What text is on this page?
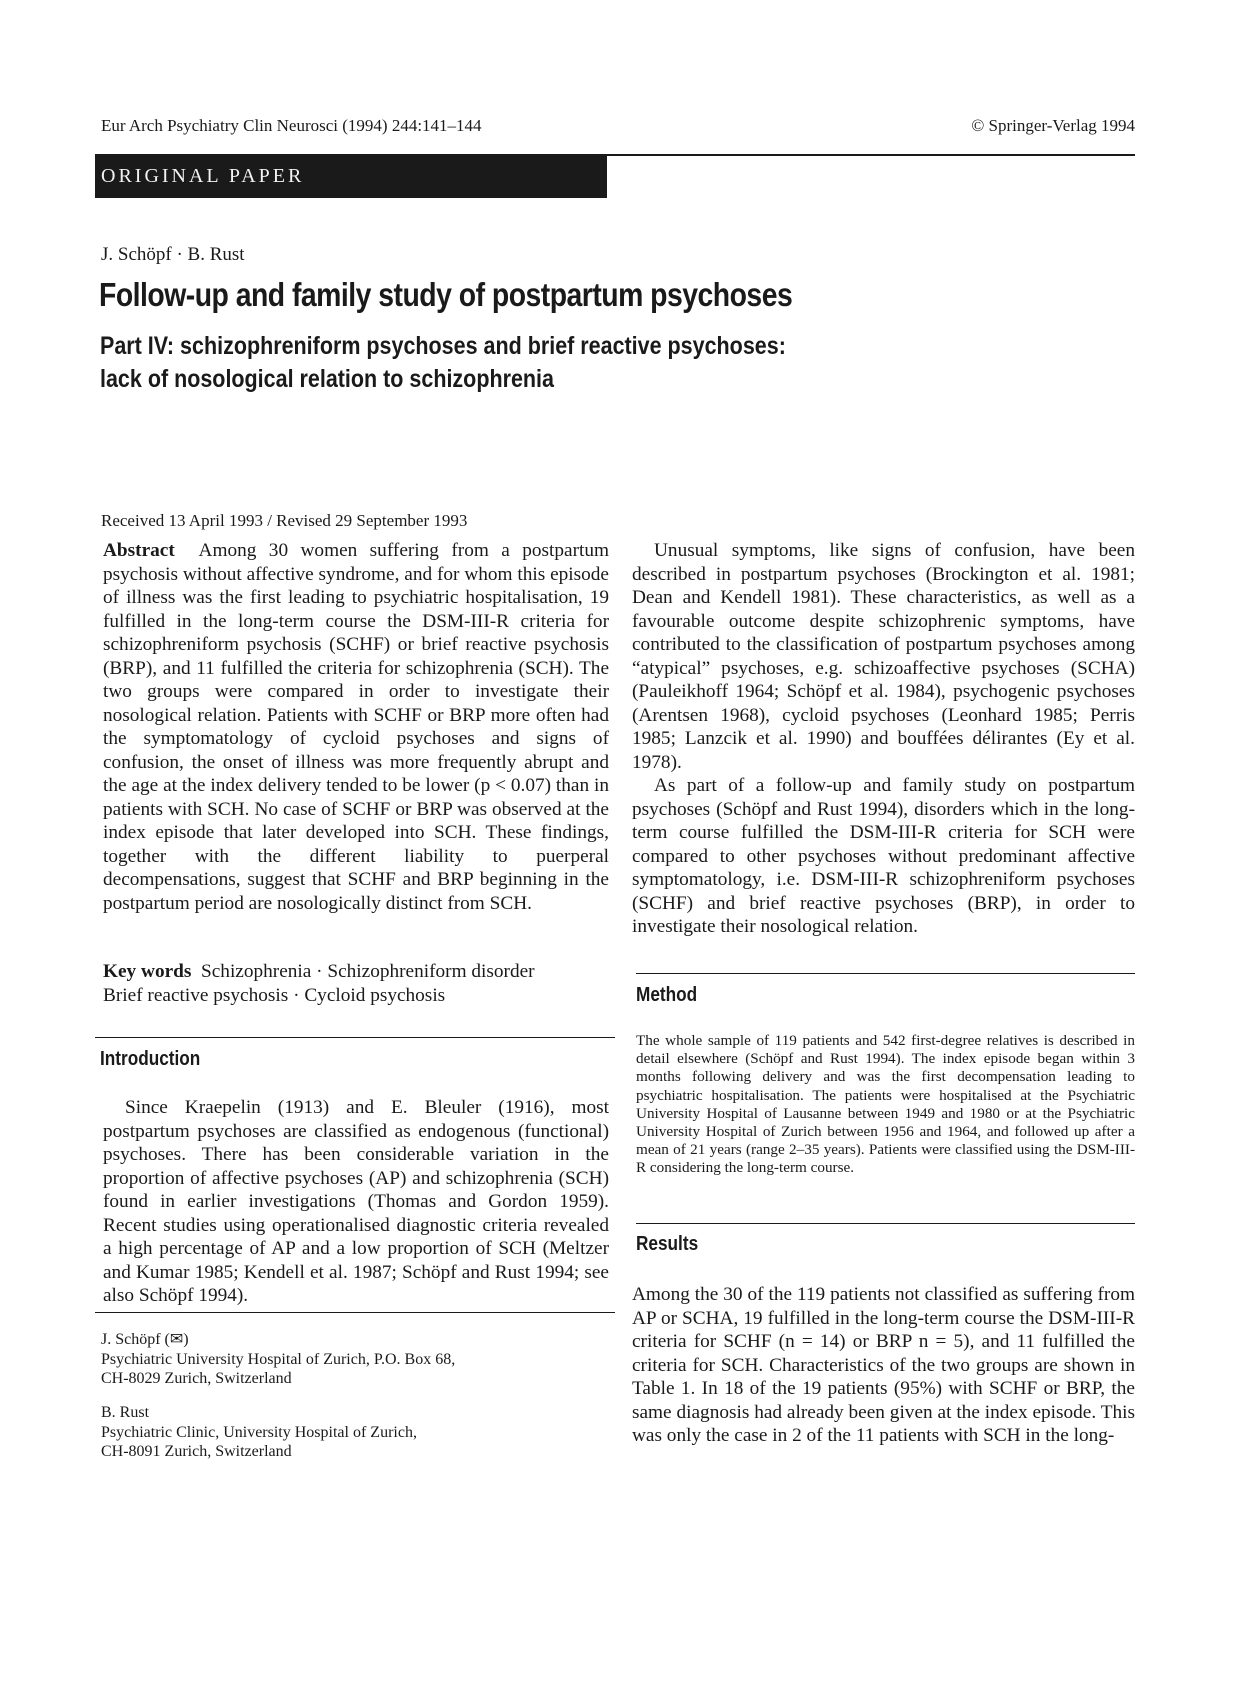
Eur Arch Psychiatry Clin Neurosci (1994) 244:141–144	© Springer-Verlag 1994
ORIGINAL PAPER
J. Schöpf · B. Rust
Follow-up and family study of postpartum psychoses
Part IV: schizophreniform psychoses and brief reactive psychoses:
lack of nosological relation to schizophrenia
Received 13 April 1993 / Revised 29 September 1993

Abstract Among 30 women suffering from a postpartum psychosis without affective syndrome, and for whom this episode of illness was the first leading to psychiatric hospitalisation, 19 fulfilled in the long-term course the DSM-III-R criteria for schizophreniform psychosis (SCHF) or brief reactive psychosis (BRP), and 11 fulfilled the criteria for schizophrenia (SCH). The two groups were compared in order to investigate their nosological relation. Patients with SCHF or BRP more often had the symptomatology of cycloid psychoses and signs of confusion, the onset of illness was more frequently abrupt and the age at the index delivery tended to be lower (p < 0.07) than in patients with SCH. No case of SCHF or BRP was observed at the index episode that later developed into SCH. These findings, together with the different liability to puerperal decompensations, suggest that SCHF and BRP beginning in the postpartum period are nosologically distinct from SCH.

Key words Schizophrenia · Schizophreniform disorder
Brief reactive psychosis · Cycloid psychosis
Introduction

Since Kraepelin (1913) and E. Bleuler (1916), most postpartum psychoses are classified as endogenous (functional) psychoses. There has been considerable variation in the proportion of affective psychoses (AP) and schizophrenia (SCH) found in earlier investigations (Thomas and Gordon 1959). Recent studies using operationalised diagnostic criteria revealed a high percentage of AP and a low proportion of SCH (Meltzer and Kumar 1985; Kendell et al. 1987; Schöpf and Rust 1994; see also Schöpf 1994).

J. Schöpf (✉)

Psychiatric University Hospital of Zurich, P.O. Box 68,

CH-8029 Zurich, Switzerland

B. Rust

Psychiatric Clinic, University Hospital of Zurich,

CH-8091 Zurich, Switzerland

Unusual symptoms, like signs of confusion, have been described in postpartum psychoses (Brockington et al. 1981; Dean and Kendell 1981). These characteristics, as well as a favourable outcome despite schizophrenic symptoms, have contributed to the classification of postpartum psychoses among “atypical” psychoses, e.g. schizoaffective psychoses (SCHA) (Pauleikhoff 1964; Schöpf et al. 1984), psychogenic psychoses (Arentsen 1968), cycloid psychoses (Leonhard 1985; Perris 1985; Lanzcik et al. 1990) and bouffées délirantes (Ey et al. 1978).

As part of a follow-up and family study on postpartum psychoses (Schöpf and Rust 1994), disorders which in the long-term course fulfilled the DSM-III-R criteria for SCH were compared to other psychoses without predominant affective symptomatology, i.e. DSM-III-R schizophreniform psychoses (SCHF) and brief reactive psychoses (BRP), in order to investigate their nosological relation.

Method
The whole sample of 119 patients and 542 first-degree relatives is described in detail elsewhere (Schöpf and Rust 1994). The index episode began within 3 months following delivery and was the first decompensation leading to psychiatric hospitalisation. The patients were hospitalised at the Psychiatric University Hospital of Lausanne between 1949 and 1980 or at the Psychiatric University Hospital of Zurich between 1956 and 1964, and followed up after a mean of 21 years (range 2–35 years). Patients were classified using the DSM-III-R considering the long-term course.
Results

Among the 30 of the 119 patients not classified as suffering from AP or SCHA, 19 fulfilled in the long-term course the DSM-III-R criteria for SCHF (n = 14) or BRP n = 5), and 11 fulfilled the criteria for SCH. Characteristics of the two groups are shown in Table 1. In 18 of the 19 patients (95%) with SCHF or BRP, the same diagnosis had already been given at the index episode. This was only the case in 2 of the 11 patients with SCH in the long-
